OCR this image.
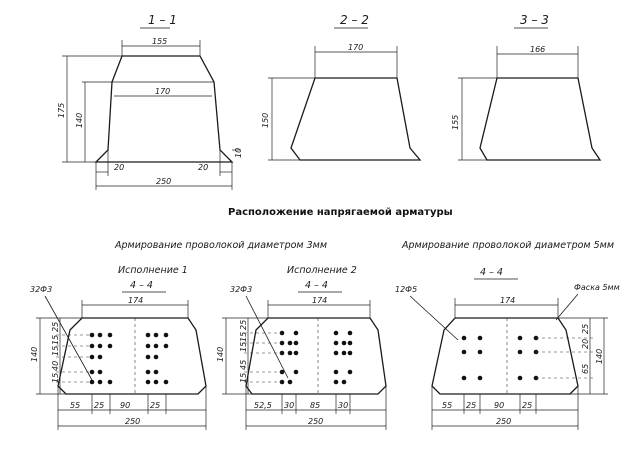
1 – 1
155
170
175
140
20	20
10
250
2 – 2
170
150
3 – 3
166
155
Расположение напрягаемой арматуры
Армирование проволокой диаметром 3мм	Армирование проволокой диаметром 5мм
Исполнение 1
4 – 4
32Ф3
174
140
25
15
15
40
15
55 25 90 25
250
Исполнение 2
4 – 4
32Ф3
174
140
25
15
15
45
15
52,5 30 85 30
250
4 – 4
12Ф5	Фаска 5мм
174
25
20
65
140
55 25 90 25
250
